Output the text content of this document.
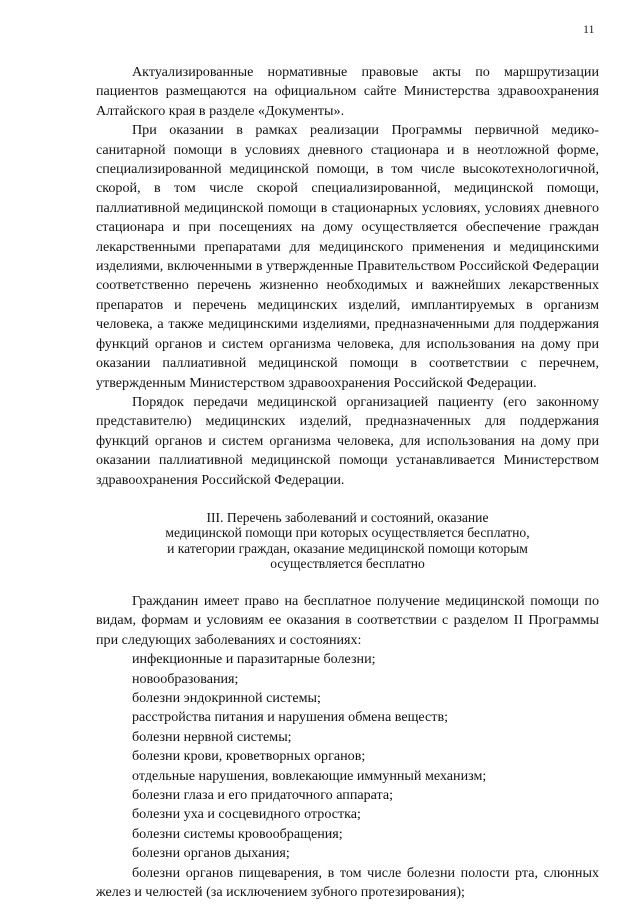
11

Актуализированные нормативные правовые акты по маршрутизации пациентов размещаются на официальном сайте Министерства здравоохранения Алтайского края в разделе «Документы».

При оказании в рамках реализации Программы первичной медико-санитарной помощи в условиях дневного стационара и в неотложной форме, специализированной медицинской помощи, в том числе высокотехнологичной, скорой, в том числе скорой специализированной, медицинской помощи, паллиативной медицинской помощи в стационарных условиях, условиях дневного стационара и при посещениях на дому осуществляется обеспечение граждан лекарственными препаратами для медицинского применения и медицинскими изделиями, включенными в утвержденные Правительством Российской Федерации соответственно перечень жизненно необходимых и важнейших лекарственных препаратов и перечень медицинских изделий, имплантируемых в организм человека, а также медицинскими изделиями, предназначенными для поддержания функций органов и систем организма человека, для использования на дому при оказании паллиативной медицинской помощи в соответствии с перечнем, утвержденным Министерством здравоохранения Российской Федерации.

Порядок передачи медицинской организацией пациенту (его законному представителю) медицинских изделий, предназначенных для поддержания функций органов и систем организма человека, для использования на дому при оказании паллиативной медицинской помощи устанавливается Министерством здравоохранения Российской Федерации.

III. Перечень заболеваний и состояний, оказание
медицинской помощи при которых осуществляется бесплатно,
и категории граждан, оказание медицинской помощи которым
осуществляется бесплатно

Гражданин имеет право на бесплатное получение медицинской помощи по видам, формам и условиям ее оказания в соответствии с разделом II Программы при следующих заболеваниях и состояниях:

инфекционные и паразитарные болезни;

новообразования;

болезни эндокринной системы;

расстройства питания и нарушения обмена веществ;

болезни нервной системы;

болезни крови, кроветворных органов;

отдельные нарушения, вовлекающие иммунный механизм;

болезни глаза и его придаточного аппарата;

болезни уха и сосцевидного отростка;

болезни системы кровообращения;

болезни органов дыхания;

болезни органов пищеварения, в том числе болезни полости рта, слюнных желез и челюстей (за исключением зубного протезирования);
